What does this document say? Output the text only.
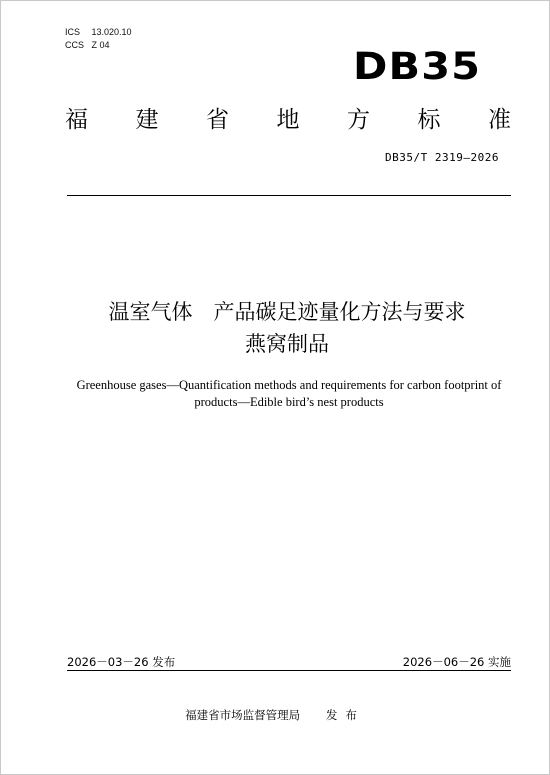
ICS 13.020.10
CCS Z 04	DB35
福 建 省 地 方 标 准
DB35/T 2319—2026
温室气体　产品碳足迹量化方法与要求
燕窝制品
Greenhouse gases—Quantification methods and requirements for carbon footprint of products—Edible bird’s nest products
2026－03－26 发布	2026－06－26 实施
福建省市场监督管理局 发布
